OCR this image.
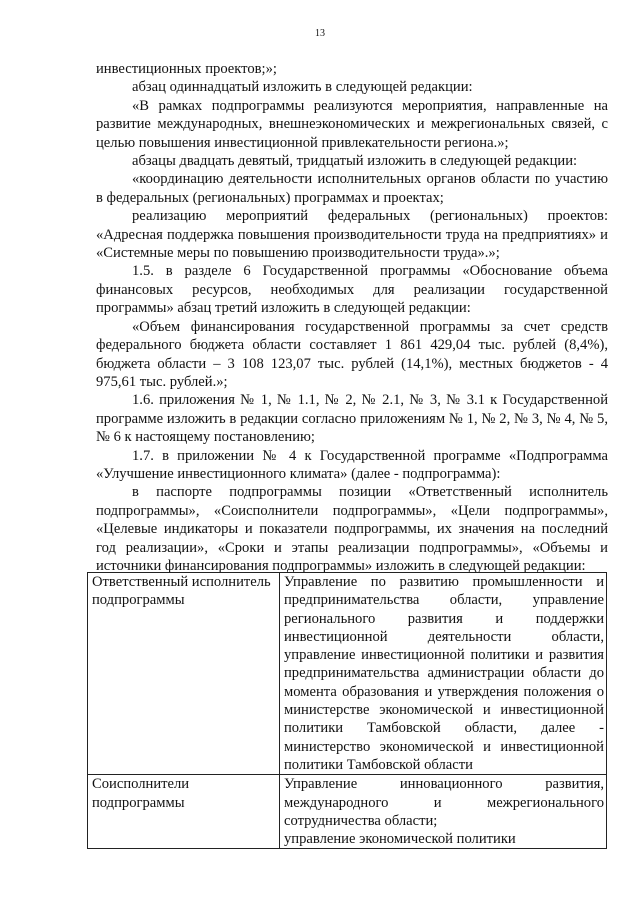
13

инвестиционных проектов;»;

абзац одиннадцатый изложить в следующей редакции:

«В рамках подпрограммы реализуются мероприятия, направленные на развитие международных, внешнеэкономических и межрегиональных связей, с целью повышения инвестиционной привлекательности региона.»;

абзацы двадцать девятый, тридцатый изложить в следующей редакции:

«координацию деятельности исполнительных органов области по участию в федеральных (региональных) программах и проектах;

реализацию мероприятий федеральных (региональных) проектов: «Адресная поддержка повышения производительности труда на предприятиях» и «Системные меры по повышению производительности труда».»;

1.5. в разделе 6 Государственной программы «Обоснование объема финансовых ресурсов, необходимых для реализации государственной программы» абзац третий изложить в следующей редакции:

«Объем финансирования государственной программы за счет средств федерального бюджета области составляет 1 861 429,04 тыс. рублей (8,4%), бюджета области – 3 108 123,07 тыс. рублей (14,1%), местных бюджетов - 4 975,61 тыс. рублей.»;

1.6. приложения № 1, № 1.1, № 2, № 2.1, № 3, № 3.1 к Государственной программе изложить в редакции согласно приложениям № 1, № 2, № 3, № 4, № 5, № 6 к настоящему постановлению;

1.7. в приложении № 4 к Государственной программе «Подпрограмма «Улучшение инвестиционного климата» (далее - подпрограмма):

в паспорте подпрограммы позиции «Ответственный исполнитель подпрограммы», «Соисполнители подпрограммы», «Цели подпрограммы», «Целевые индикаторы и показатели подпрограммы, их значения на последний год реализации», «Сроки и этапы реализации подпрограммы», «Объемы и источники финансирования подпрограммы» изложить в следующей редакции:

Ответственный исполнитель подпрограммы	Управление по развитию промышленности и предпринимательства области, управление регионального развития и поддержки инвестиционной деятельности области, управление инвестиционной политики и развития предпринимательства администрации области до момента образования и утверждения положения о министерстве экономической и инвестиционной политики Тамбовской области, далее - министерство экономической и инвестиционной политики Тамбовской области
Соисполнители подпрограммы	Управление инновационного развития, международного и межрегионального сотрудничества области;
управление экономической политики
